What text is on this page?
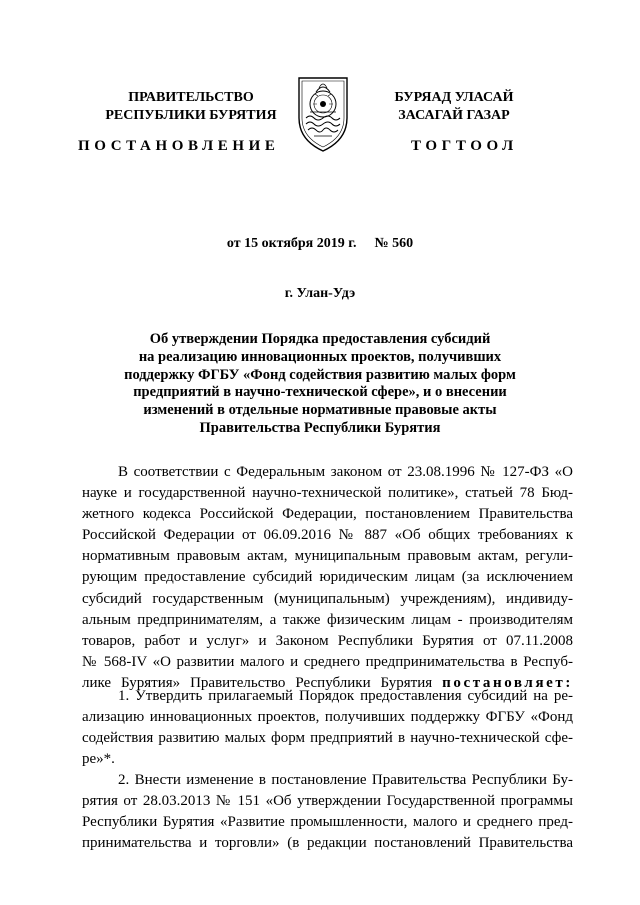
ПРАВИТЕЛЬСТВО
РЕСПУБЛИКИ БУРЯТИЯ
БУРЯАД УЛАСАЙ
ЗАСАГАЙ ГАЗАР
ПОСТАНОВЛЕНИЕ	ТОГТООЛ
от 15 октября 2019 г. № 560
г. Улан-Удэ
Об утверждении Порядка предоставления субсидий
на реализацию инновационных проектов, получивших
поддержку ФГБУ «Фонд содействия развитию малых форм
предприятий в научно-технической сфере», и о внесении
изменений в отдельные нормативные правовые акты
Правительства Республики Бурятия
В соответствии с Федеральным законом от 23.08.1996 № 127-ФЗ «О
науке и государственной научно-технической политике», статьей 78 Бюд-
жетного кодекса Российской Федерации, постановлением Правительства
Российской Федерации от 06.09.2016 № 887 «Об общих требованиях к
нормативным правовым актам, муниципальным правовым актам, регули-
рующим предоставление субсидий юридическим лицам (за исключением
субсидий государственным (муниципальным) учреждениям), индивиду-
альным предпринимателям, а также физическим лицам - производителям
товаров, работ и услуг» и Законом Республики Бурятия от 07.11.2008
№ 568-IV «О развитии малого и среднего предпринимательства в Респуб-
лике Бурятия» Правительство Республики Бурятия постановляет:
1. Утвердить прилагаемый Порядок предоставления субсидий на ре-
ализацию инновационных проектов, получивших поддержку ФГБУ «Фонд
содействия развитию малых форм предприятий в научно-технической сфе-
ре»*.
2. Внести изменение в постановление Правительства Республики Бу-
рятия от 28.03.2013 № 151 «Об утверждении Государственной программы
Республики Бурятия «Развитие промышленности, малого и среднего пред-
принимательства и торговли» (в редакции постановлений Правительства
